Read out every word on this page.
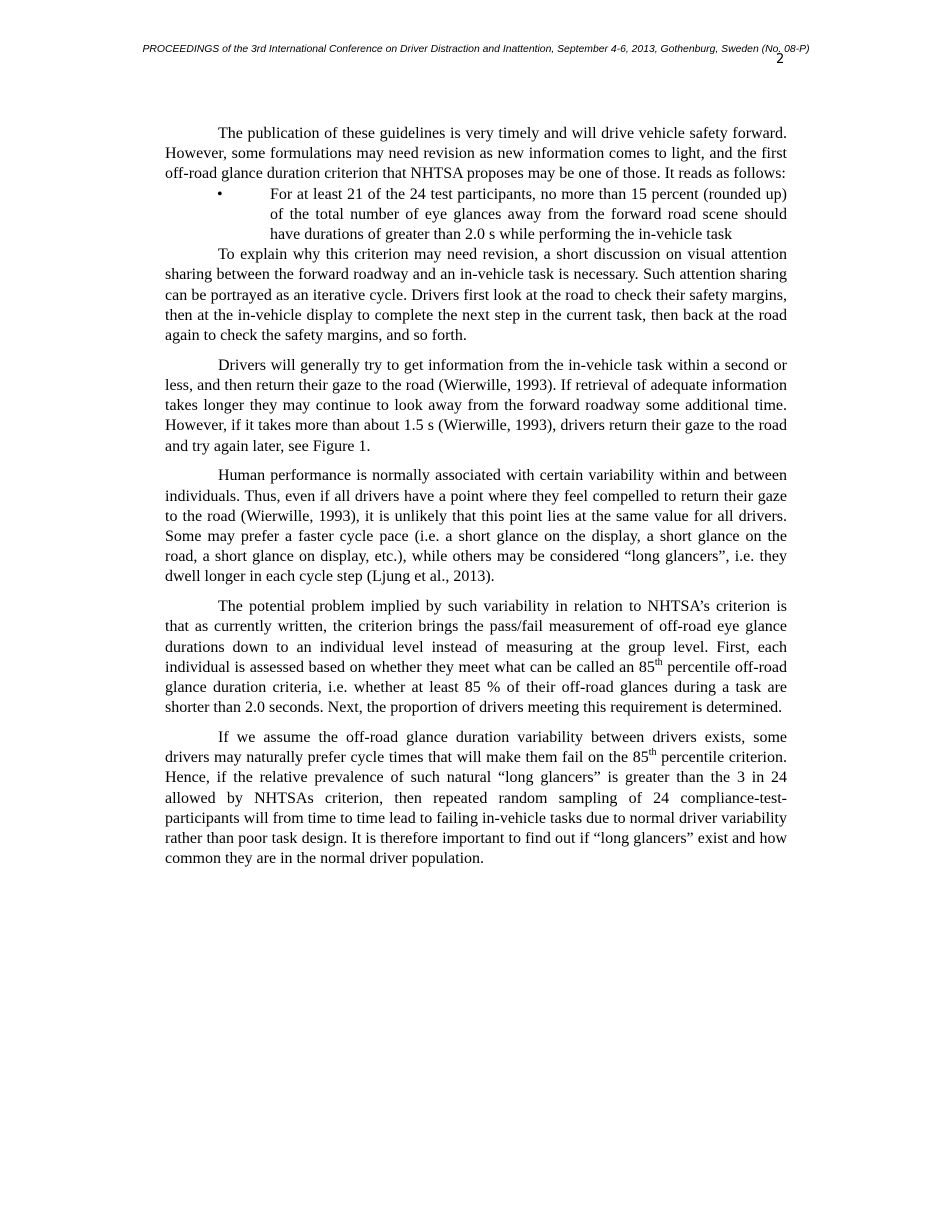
PROCEEDINGS of the 3rd International Conference on Driver Distraction and Inattention, September 4-6, 2013, Gothenburg, Sweden (No. 08-P)
2

The publication of these guidelines is very timely and will drive vehicle safety forward. However, some formulations may need revision as new information comes to light, and the first off-road glance duration criterion that NHTSA proposes may be one of those. It reads as follows:

•	For at least 21 of the 24 test participants, no more than 15 percent (rounded up) of the total number of eye glances away from the forward road scene should have durations of greater than 2.0 s while performing the in-vehicle task

To explain why this criterion may need revision, a short discussion on visual attention sharing between the forward roadway and an in-vehicle task is necessary. Such attention sharing can be portrayed as an iterative cycle. Drivers first look at the road to check their safety margins, then at the in-vehicle display to complete the next step in the current task, then back at the road again to check the safety margins, and so forth.

Drivers will generally try to get information from the in-vehicle task within a second or less, and then return their gaze to the road (Wierwille, 1993). If retrieval of adequate information takes longer they may continue to look away from the forward roadway some additional time. However, if it takes more than about 1.5 s (Wierwille, 1993), drivers return their gaze to the road and try again later, see Figure 1.

Human performance is normally associated with certain variability within and between individuals. Thus, even if all drivers have a point where they feel compelled to return their gaze to the road (Wierwille, 1993), it is unlikely that this point lies at the same value for all drivers. Some may prefer a faster cycle pace (i.e. a short glance on the display, a short glance on the road, a short glance on display, etc.), while others may be considered “long glancers”, i.e. they dwell longer in each cycle step (Ljung et al., 2013).

The potential problem implied by such variability in relation to NHTSA’s criterion is that as currently written, the criterion brings the pass/fail measurement of off-road eye glance durations down to an individual level instead of measuring at the group level. First, each individual is assessed based on whether they meet what can be called an 85th percentile off-road glance duration criteria, i.e. whether at least 85 % of their off-road glances during a task are shorter than 2.0 seconds. Next, the proportion of drivers meeting this requirement is determined.

If we assume the off-road glance duration variability between drivers exists, some drivers may naturally prefer cycle times that will make them fail on the 85th percentile criterion. Hence, if the relative prevalence of such natural “long glancers” is greater than the 3 in 24 allowed by NHTSAs criterion, then repeated random sampling of 24 compliance-test-participants will from time to time lead to failing in-vehicle tasks due to normal driver variability rather than poor task design. It is therefore important to find out if “long glancers” exist and how common they are in the normal driver population.
